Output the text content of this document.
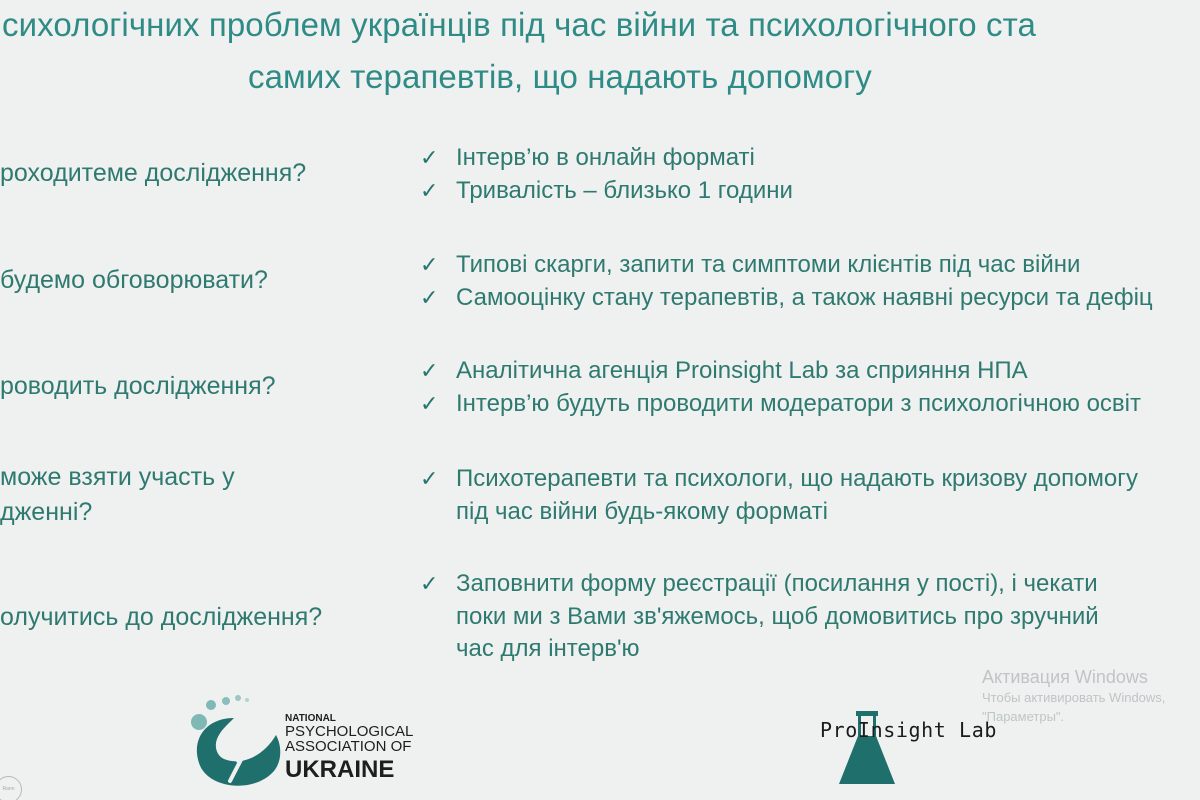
сихологічних проблем українців під час війни та психологічного ста
самих терапевтів, що надають допомогу
роходитеме дослідження?
✓ Інтерв’ю в онлайн форматі
✓ Тривалість – близько 1 години
будемо обговорювати?
✓ Типові скарги, запити та симптоми клієнтів під час війни
✓ Самооцінку стану терапевтів, а також наявні ресурси та дефіц
роводить дослідження?
✓ Аналітична агенція Proinsight Lab за сприяння НПА
✓ Інтерв’ю будуть проводити модератори з психологічною освіт
може взяти участь у
дженні?
✓ Психотерапевти та психологи, що надають кризову допомогу
під час війни будь-якому форматі
олучитись до дослідження?
✓ Заповнити форму реєстрації (посилання у пості), і чекати
поки ми з Вами зв'яжемось, щоб домовитись про зручний
час для інтерв'ю
Активация Windows
Чтобы активировать Windows,
"Параметры".
NATIONAL
PSYCHOLOGICAL
ASSOCIATION OF
UKRAINE
ProInsight Lab
Rann
